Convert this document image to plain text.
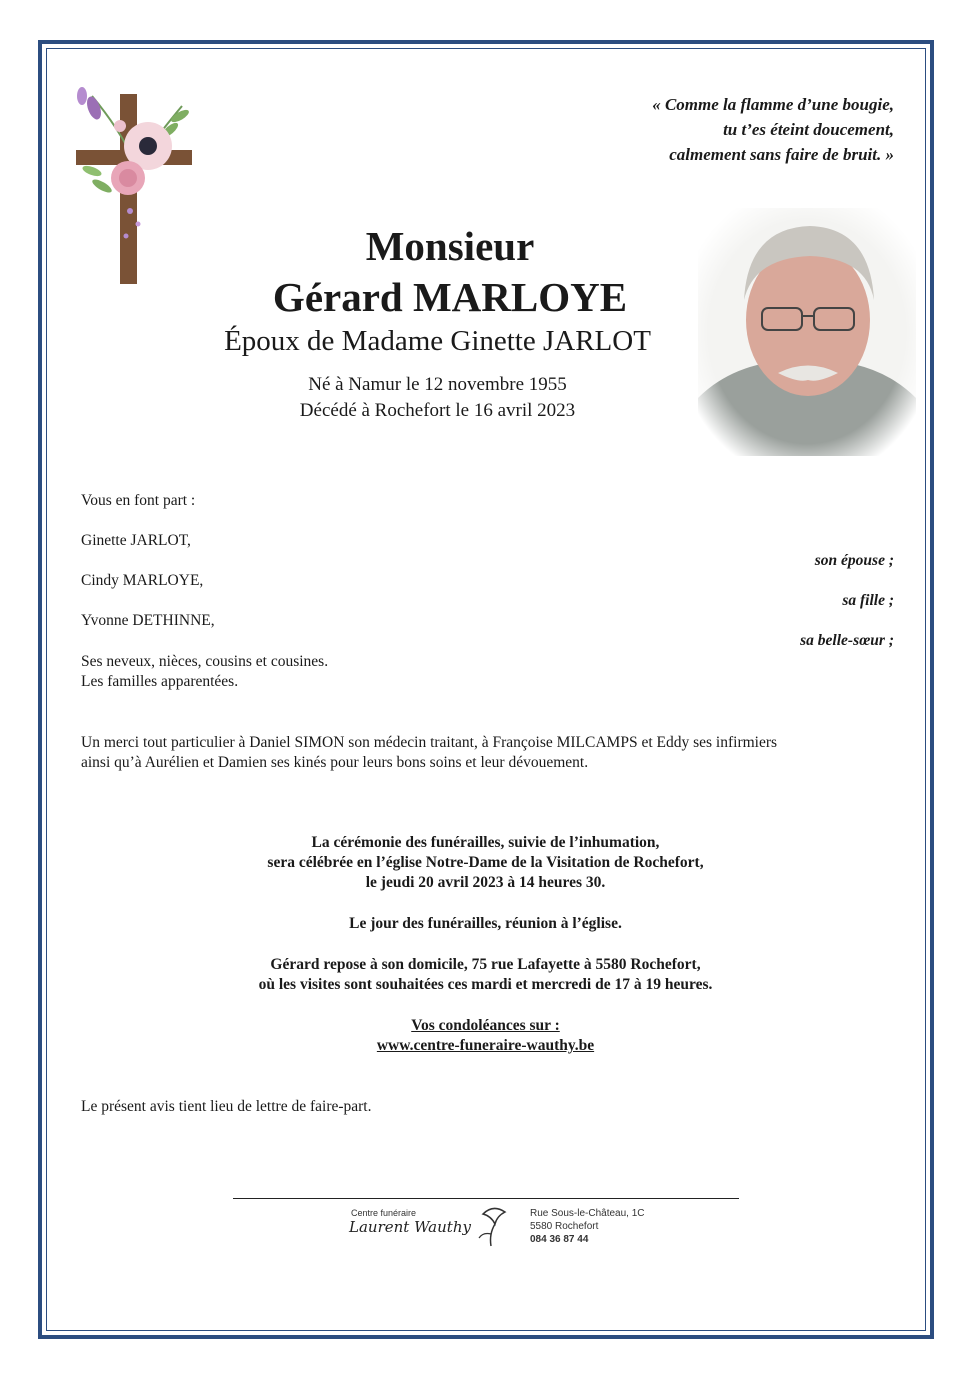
« Comme la flamme d’une bougie,
tu t’es éteint doucement,
calmement sans faire de bruit. »
Monsieur
Gérard MARLOYE
Époux de Madame Ginette JARLOT
Né à Namur le 12 novembre 1955
Décédé à Rochefort le 16 avril 2023
Vous en font part :
Ginette JARLOT,
son épouse ;
Cindy MARLOYE,
sa fille ;
Yvonne DETHINNE,
sa belle-sœur ;
Ses neveux, nièces, cousins et cousines.
Les familles apparentées.
Un merci tout particulier à Daniel SIMON son médecin traitant, à Françoise MILCAMPS et Eddy ses infirmiers
ainsi qu’à Aurélien et Damien ses kinés pour leurs bons soins et leur dévouement.
La cérémonie des funérailles, suivie de l’inhumation,
sera célébrée en l’église Notre-Dame de la Visitation de Rochefort,
le jeudi 20 avril 2023 à 14 heures 30.
Le jour des funérailles, réunion à l’église.
Gérard repose à son domicile, 75 rue Lafayette à 5580 Rochefort,
où les visites sont souhaitées ces mardi et mercredi de 17 à 19 heures.
Vos condoléances sur :
www.centre-funeraire-wauthy.be
Le présent avis tient lieu de lettre de faire-part.
Centre funéraire
Laurent Wauthy
Rue Sous-le-Château, 1C
5580 Rochefort
084 36 87 44
